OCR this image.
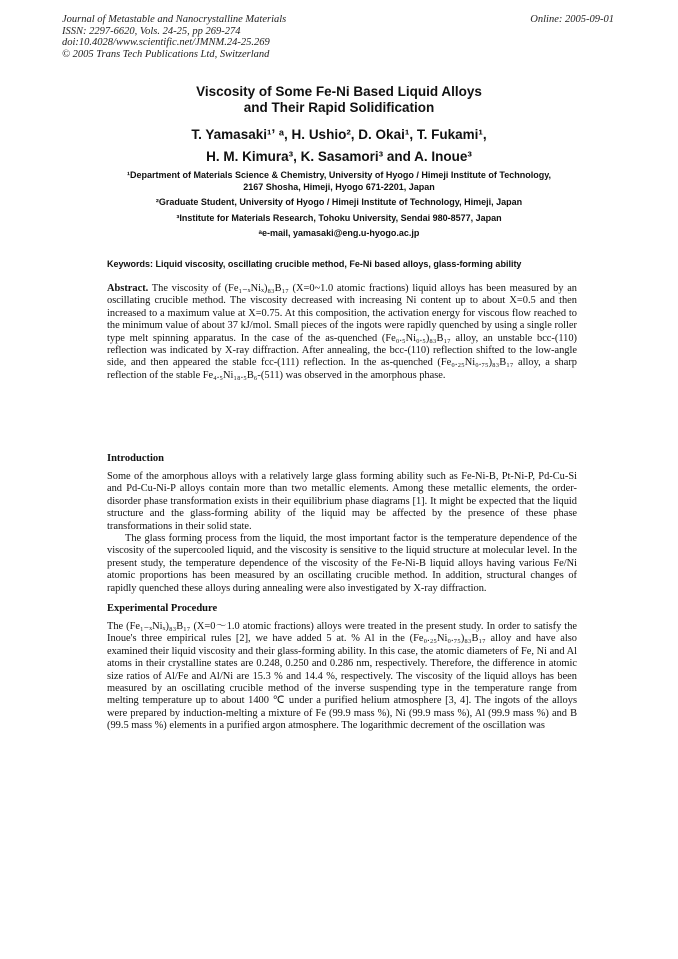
Journal of Metastable and Nanocrystalline Materials
ISSN: 2297-6620, Vols. 24-25, pp 269-274
doi:10.4028/www.scientific.net/JMNM.24-25.269
© 2005 Trans Tech Publications Ltd, Switzerland
Online: 2005-09-01
Viscosity of Some Fe-Ni Based Liquid Alloys
and Their Rapid Solidification
T. Yamasaki¹ʼ ᵃ, H. Ushio², D. Okai¹, T. Fukami¹,
H. M. Kimura³, K. Sasamori³ and A. Inoue³
¹Department of Materials Science & Chemistry, University of Hyogo / Himeji Institute of Technology,
2167 Shosha, Himeji, Hyogo 671-2201, Japan
²Graduate Student, University of Hyogo / Himeji Institute of Technology, Himeji, Japan
³Institute for Materials Research, Tohoku University, Sendai 980-8577, Japan
ᵃe-mail, yamasaki@eng.u-hyogo.ac.jp
Keywords: Liquid viscosity, oscillating crucible method, Fe-Ni based alloys, glass-forming ability
Abstract. The viscosity of (Fe₁₋ₓNiₓ)₈₃B₁₇ (X=0~1.0 atomic fractions) liquid alloys has been measured by an oscillating crucible method. The viscosity decreased with increasing Ni content up to about X=0.5 and then increased to a maximum value at X=0.75. At this composition, the activation energy for viscous flow reached to the minimum value of about 37 kJ/mol. Small pieces of the ingots were rapidly quenched by using a single roller type melt spinning apparatus. In the case of the as-quenched (Fe₀.₅Ni₀.₅)₈₃B₁₇ alloy, an unstable bcc-(110) reflection was indicated by X-ray diffraction. After annealing, the bcc-(110) reflection shifted to the low-angle side, and then appeared the stable fcc-(111) reflection. In the as-quenched (Fe₀.₂₅Ni₀.₇₅)₈₃B₁₇ alloy, a sharp reflection of the stable Fe₄.₅Ni₁₈.₅B₆-(511) was observed in the amorphous phase.
Introduction
Some of the amorphous alloys with a relatively large glass forming ability such as Fe-Ni-B, Pt-Ni-P, Pd-Cu-Si and Pd-Cu-Ni-P alloys contain more than two metallic elements. Among these metallic elements, the order-disorder phase transformation exists in their equilibrium phase diagrams [1]. It might be expected that the liquid structure and the glass-forming ability of the liquid may be affected by the presence of these phase transformations in their solid state.
The glass forming process from the liquid, the most important factor is the temperature dependence of the viscosity of the supercooled liquid, and the viscosity is sensitive to the liquid structure at molecular level. In the present study, the temperature dependence of the viscosity of the Fe-Ni-B liquid alloys having various Fe/Ni atomic proportions has been measured by an oscillating crucible method. In addition, structural changes of rapidly quenched these alloys during annealing were also investigated by X-ray diffraction.
Experimental Procedure
The (Fe₁₋ₓNiₓ)₈₃B₁₇ (X=0～1.0 atomic fractions) alloys were treated in the present study. In order to satisfy the Inoue's three empirical rules [2], we have added 5 at. % Al in the (Fe₀.₂₅Ni₀.₇₅)₈₃B₁₇ alloy and have also examined their liquid viscosity and their glass-forming ability. In this case, the atomic diameters of Fe, Ni and Al atoms in their crystalline states are 0.248, 0.250 and 0.286 nm, respectively. Therefore, the difference in atomic size ratios of Al/Fe and Al/Ni are 15.3 % and 14.4 %, respectively. The viscosity of the liquid alloys has been measured by an oscillating crucible method of the inverse suspending type in the temperature range from melting temperature up to about 1400 ℃ under a purified helium atmosphere [3, 4]. The ingots of the alloys were prepared by induction-melting a mixture of Fe (99.9 mass %), Ni (99.9 mass %), Al (99.9 mass %) and B (99.5 mass %) elements in a purified argon atmosphere. The logarithmic decrement of the oscillation was
